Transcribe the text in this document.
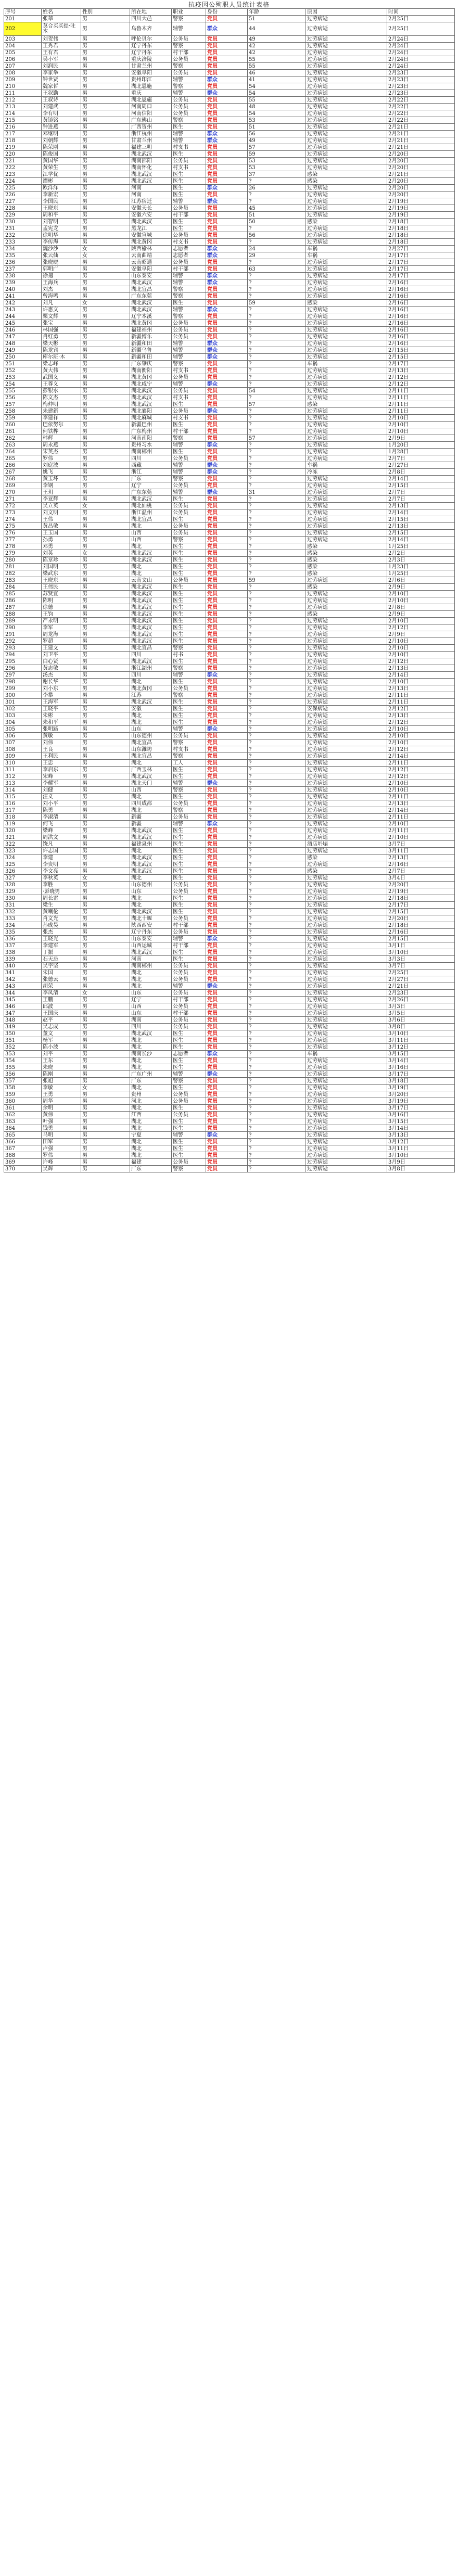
抗疫因公殉职人员统计表格
序号	姓名	性别	所在地	职业	身份	年龄	原因	时间
201	张莘	男	四川大邑	警察	党员	51	过劳病逝	2月25日
202	莫合买买提·吐木	男	乌鲁木齐	辅警	群众	44	过劳病逝	2月25日
203	刘贺伟	男	呼伦贝尔	公务员	党员	49	过劳病逝	2月24日
204	王秀君	男	辽宁丹东	警察	党员	42	过劳病逝	2月24日
205	王有君	男	辽宁丹东	村干部	党员	42	过劳病逝	2月24日
206	吴小军	男	重庆涪陵	公务员	党员	55	过劳病逝	2月24日
207	刘润民	男	甘肃兰州	警察	党员	55	过劳病逝	2月24日
208	李家举	男	安徽阜阳	公务员	党员	46	过劳病逝	2月23日
209	钟世贤	男	贵州印江	辅警	群众	41	过劳病逝	2月23日
210	魏家哲	男	湖北恩施	警察	党员	54	过劳病逝	2月23日
211	王叙勤	男	重庆	辅警	群众	54	过劳病逝	2月23日
212	王叙诗	男	湖北恩施	公务员	党员	55	过劳病逝	2月22日
213	刘建武	男	河南周口	公务员	党员	48	过劳病逝	2月22日
214	李有明	男	河南信阳	公务员	党员	54	过劳病逝	2月22日
215	黄镜铭	男	广东佛山	警察	党员	53	过劳病逝	2月22日
216	钟进燕	男	广西贺州	医生	党员	51	过劳病逝	2月21日
217	邓继明	男	浙江杭州	辅警	群众	56	过劳病逝	2月21日
218	刘朝辉	男	甘肃兰州	辅警	群众	49	过劳病逝	2月21日
219	陈荣刚	男	福建三明	村支书	党员	57	过劳病逝	2月21日
220	陈俊国	男	湖北武汉	医生	党员	59	过劳病逝	2月20日
221	黄国华	男	湖南邵阳	公务员	党员	53	过劳病逝	2月20日
222	黄荣生	男	湖南怀化	村支书	党员	53	过劳病逝	2月20日
223	江学优	男	湖北武汉	医生	党员	37	感染	2月21日
224	谭彬	男	湖北武汉	医生	党员	?	感染	2月20日
225	欧洋洋	男	河南	医生	群众	26	过劳病逝	2月20日
226	李新宏	男	河南	医生	党员	?	过劳病逝	2月20日
227	李国民	男	江苏宿迁	辅警	群众	?	过劳病逝	2月19日
228	王晓东	男	安徽天长	公务员	党员	45	过劳病逝	2月19日
229	周和平	男	安徽六安	村干部	党员	51	过劳病逝	2月19日
230	刘智明	男	湖北武汉	医生	党员	50	感染	2月18日
231	孟宪龙	男	黑龙江	医生	党员	?	过劳病逝	2月18日
232	徐明华	男	安徽宣城	公务员	党员	56	过劳病逝	2月18日
233	李传海	男	湖北黄冈	村支书	党员	?	过劳病逝	2月18日
234	魏沙沙	女	陕西榆林	志愿者	群众	24	车祸	2月27日
235	张云仙	女	云南曲靖	志愿者	群众	29	车祸	2月17日
236	张晓晓	男	云南昭通	公务员	党员	?	过劳病逝	2月17日
237	郭明广	男	安徽阜阳	村干部	党员	63	过劳病逝	2月17日
238	徐翅	男	山东泰安	辅警	群众	?	过劳病逝	2月17日
239	王海兵	男	湖北武汉	辅警	群众	?	过劳病逝	2月16日
240	刘杰	男	湖北宜昌	警察	党员	?	过劳病逝	2月16日
241	曾海鸣	男	广东东莞	警察	党员	?	过劳病逝	2月16日
242	刘凡	女	湖北武汉	医生	党员	59	感染	2月16日
243	许惠文	男	湖北武汉	辅警	群众	?	过劳病逝	2月16日
244	栗文辉	男	辽宁本溪	警察	党员	?	过劳病逝	2月16日
245	张宝	男	湖北黄冈	公务员	党员	?	过劳病逝	2月16日
246	林国强	男	福建福州	公务员	党员	?	过劳病逝	2月16日
247	肖红勇	男	新疆博乐	公务员	党员	?	过劳病逝	2月16日
248	梁天彬	男	新疆和田	辅警	群众	?	过劳病逝	2月16日
249	陈龙宾	男	新疆乌鲁	辅警	群众	?	过劳病逝	2月15日
250	库尔班·木	男	新疆和田	辅警	群众	?	过劳病逝	2月15日
251	梁志峰	男	广东肇庆	警察	党员	?	车祸	2月17日
252	黄大伟	男	湖南衡阳	村支书	党员	?	过劳病逝	2月13日
253	武国义	男	湖北黄冈	公务员	党员	?	过劳病逝	2月12日
254	王尊义	男	湖北咸宁	辅警	群众	?	过劳病逝	2月12日
255	彭银水	男	湖北武汉	公务员	党员	54	过劳病逝	2月11日
256	陈文杰	男	湖北武汉	村支书	党员	?	过劳病逝	2月11日
257	梅仲明	男	湖北武汉	医生	党员	57	感染	2月11日
258	朱建新	男	湖北襄阳	公务员	群众	?	过劳病逝	2月11日
259	李建祥	男	湖北麻城	村支书	党员	?	过劳病逝	2月10日
260	巴依努尔	男	新疆巴州	医生	党员	?	过劳病逝	2月10日
261	何铁桦	男	广东梅州	村干部	党员	?	过劳病逝	2月10日
262	韩辉	男	河南南阳	警察	党员	57	过劳病逝	2月9日
263	周永燕	男	贵州习水	辅警	群众	?	过劳病逝	1月20日
264	宋英杰	男	湖南郴州	医生	党员	?	过劳病逝	1月28日
265	罗伟	男	四川	公务员	党员	?	过劳病逝	2月7日
266	刘庭波	男	西藏	辅警	群众	?	车祸	2月27日
267	姚飞	男	浙江	辅警	群众	?	冷冻	2月8日
268	黄玉坏	男	广东	警察	党员	?	过劳病逝	2月14日
269	李钢	男	辽宁	公务员	党员	?	过劳病逝	2月15日
270	王玥	男	广东东莞	辅警	群众	31	过劳病逝	2月7日
271	李亚辉	男	湖北武汉	医生	党员	?	过劳病逝	2月7日
272	吴立英	女	湖北仙桃	公务员	党员	?	过劳病逝	2月13日
273	刘文明	男	浙江温州	公务员	党员	?	过劳病逝	2月14日
274	王伟	男	湖北宜昌	医生	党员	?	过劳病逝	2月15日
275	黄昌敏	男	湖北	公务员	党员	?	过劳病逝	2月13日
276	王玉国	男	山西	公务员	党员	?	过劳病逝	2月15日
277	孙勇	男	山西	警察	党员	?	过劳病逝	2月14日
278	邓勇	男	湖北	医生	党员	?	感染	1月25日
279	刘英	女	湖北武汉	医生	党员	?	感染	2月2日
280	陈章珍	男	湖北武汉	医生	党员	?	感染	2月3日
281	刘国明	男	湖北	医生	党员	?	感染	1月23日
282	梁武东	男	湖北	医生	党员	?	感染	1月25日
283	王晓东	男	云南文山	公务员	党员	59	过劳病逝	2月6日
284	王伟民	男	湖北武汉	医生	党员	?	感染	2月9日
285	苏贤宜	男	湖北武汉	医生	党员	?	过劳病逝	2月10日
286	陈明	男	湖北武汉	医生	党员	?	过劳病逝	2月10日
287	徐德	男	湖北武汉	医生	党员	?	过劳病逝	2月8日
288	王钧	男	湖北武汉	医生	党员	?	感染	2月9日
289	严永明	男	湖北武汉	医生	党员	?	过劳病逝	2月10日
290	李军	男	湖北武汉	医生	党员	?	过劳病逝	2月12日
291	周龙海	男	湖北武汉	医生	党员	?	过劳病逝	2月9日
292	罗超	男	湖北武汉	医生	党员	?	过劳病逝	2月10日
293	王建文	男	湖北宜昌	警察	党员	?	过劳病逝	2月10日
294	刘卫平	男	四川	村书	党员	?	过劳病逝	2月10日
295	白心贤	男	湖北武汉	医生	党员	?	过劳病逝	2月12日
296	黄志敏	男	浙江湖州	警察	党员	?	过劳病逝	2月13日
297	汤杰	男	四川	辅警	群众	?	过劳病逝	2月14日
298	谢长华	男	湖北	医生	党员	?	过劳病逝	2月10日
299	刘小东	男	湖北黄冈	公务员	党员	?	过劳病逝	2月13日
300	李攀	男	江苏	警察	党员	?	过劳病逝	2月11日
301	王海军	男	湖北武汉	医生	党员	?	过劳病逝	2月11日
302	王晓平	男	安徽	医生	党员	?	安保病逝	2月12日
303	朱彬	男	湖北	医生	党员	?	过劳病逝	2月13日
304	朱和平	男	湖北	医生	党员	?	过劳病逝	2月12日
305	张明路	男	山东	辅警	群众	?	过劳病逝	2月10日
306	黄敏	男	山东德州	公务员	党员	?	过劳病逝	2月10日
307	刘伟	男	湖北宜昌	警察	党员	?	过劳病逝	2月10日
308	王良	男	山东潍坊	村支书	党员	?	过劳病逝	2月12日
309	王利民	男	湖北宜昌	警察	党员	?	过劳病逝	2月14日
310	王忠	男	湖北	工人	党员	?	过劳病逝	2月11日
311	李启东	男	广西玉林	医生	党员	?	过劳病逝	2月12日
312	宋峰	男	湖北武汉	医生	党员	?	过劳病逝	2月12日
313	李耀军	男	湖北天门	辅警	群众	?	过劳病逝	2月10日
314	刘健	男	山西	警察	党员	?	过劳病逝	2月10日
315	汪义	男	湖北	医生	党员	?	过劳病逝	2月11日
316	刘小平	男	四川成都	公务员	党员	?	过劳病逝	2月13日
317	陈勇	男	湖北	警察	党员	?	过劳病逝	2月14日
318	李淑清	男	新疆	公务员	党员	?	过劳病逝	2月11日
319	何飞	男	新疆	辅警	群众	?	过劳病逝	2月10日
320	梁峰	男	湖北武汉	医生	党员	?	过劳病逝	2月11日
321	周洪文	男	湖北武汉	医生	党员	?	过劳病逝	2月10日
322	饶凡	男	福建泉州	医生	党员	?	酒店坍塌	3月7日
323	许志国	男	湖北	医生	党员	?	过劳病逝	3月11日
324	李建	男	湖北武汉	医生	党员	?	感染	2月13日
325	李贵明	男	湖北武汉	医生	党员	?	过劳病逝	2月16日
326	李文亮	男	湖北武汉	医生	党员	?	感染	2月7日
327	李秋英	女	湖北	医生	党员	?	过劳病逝	3月4日
328	李胜	男	山东德州	公务员	党员	?	过劳病逝	2月20日
329	·彭晓男	男	山东	公务员	党员	?	过劳病逝	2月19日
330	周长雷	男	湖北	医生	党员	?	过劳病逝	2月18日
331	梁生	男	湖北	医生	党员	?	过劳病逝	2月17日
332	黄喇伦	男	湖北武汉	医生	党员	?	过劳病逝	2月15日
333	肖文光	男	湖北十堰	公务员	党员	?	过劳病逝	2月20日
334	孙成昊	男	陕西西安	村干部	党员	?	过劳病逝	2月18日
335	张杰	男	辽宁丹东	公务员	党员	?	过劳病逝	2月16日
336	王晓光	男	山东泰安	辅警	群众	?	过劳病逝	2月15日
337	李建军	男	山西运城	村干部	党员	?	过劳病逝	3月1日
338	丁振	男	湖北武汉	医生	党员	?	过劳病逝	3月10日
339	石天忌	男	河南	医生	党员	?	过劳病逝	3月3日
340	吴宇坚	男	湖南郴州	公务员	党员	?	过劳病逝	3月7日
341	朱国	男	湖北	公务员	党员	?	过劳病逝	2月25日
342	张德云	男	湖北	公务员	党员	?	过劳病逝	2月27日
343	胡荣	男	湖北	辅警	群众	?	过劳病逝	2月21日
344	李凤清	女	山东	公务员	党员	?	过劳病逝	2月23日
345	王鹏	男	辽宁	村干部	党员	?	过劳病逝	2月26日
346	邱波	男	山西	公务员	党员	?	过劳病逝	3月3日
347	王国庆	男	山东	村干部	党员	?	过劳病逝	3月5日
348	赵平	男	湖南	公务员	党员	?	过劳病逝	3月6日
349	吴志成	男	四川	公务员	党员	?	过劳病逝	3月8日
350	董文	男	湖北武汉	医生	党员	?	过劳病逝	3月10日
351	杨军	男	湖北	医生	党员	?	过劳病逝	3月11日
352	陈小波	男	湖北	医生	党员	?	过劳病逝	3月12日
353	刘平	男	湖南长沙	志愿者	群众	?	车祸	3月15日
354	王东	男	湖北	医生	党员	?	过劳病逝	3月14日
355	朱晓	男	湖北	医生	党员	?	过劳病逝	3月16日
356	陈刚	男	广东广州	辅警	群众	?	过劳病逝	3月17日
357	张旭	男	广东	警察	党员	?	过劳病逝	3月18日
358	李敏	女	湖北	医生	党员	?	过劳病逝	3月19日
359	王勇	男	贵州	公务员	党员	?	过劳病逝	3月20日
360	周华	男	河北	公务员	党员	?	过劳病逝	3月19日
361	余明	男	湖北	医生	党员	?	过劳病逝	3月17日
362	黄伟	男	江西	公务员	党员	?	过劳病逝	3月16日
363	叶强	男	湖北	医生	党员	?	过劳病逝	3月15日
364	钱勇	男	湖北	医生	党员	?	过劳病逝	3月14日
365	马明	男	宁夏	辅警	群众	?	过劳病逝	3月13日
366	田军	男	湖北	医生	党员	?	过劳病逝	3月12日
367	卢强	男	湖北	医生	党员	?	过劳病逝	3月11日
368	罗伟	男	湖北	医生	党员	?	过劳病逝	3月10日
369	许峰	男	福建	公务员	党员	?	过劳病逝	3月9日
370	吴辉	男	广东	警察	党员	?	过劳病逝	3月8日
